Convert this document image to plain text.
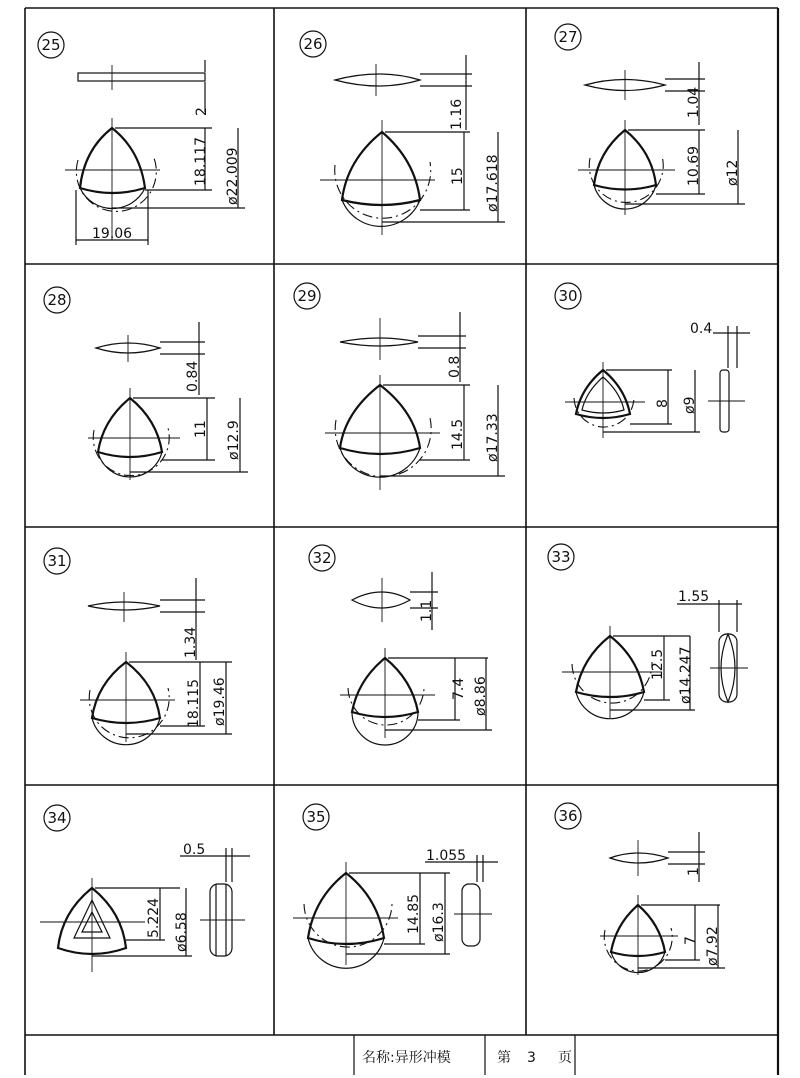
名称:异形冲模	第 3 页
25
2
18.117 ø22.009
19.06
26
1.16
15 ø17.618
27
1.04
10.69 ø12
28
0.84
11 ø12.9
29
0.8
14.5 ø17.33
30
8 ø9
0.4
31
1.34
18.115 ø19.46
32
1.1
7.4 ø8.86
33
12.5 ø14.247
1.55
34
5.224 ø6.58
0.5
35
14.85 ø16.3
1.055
36
1
7 ø7.92
